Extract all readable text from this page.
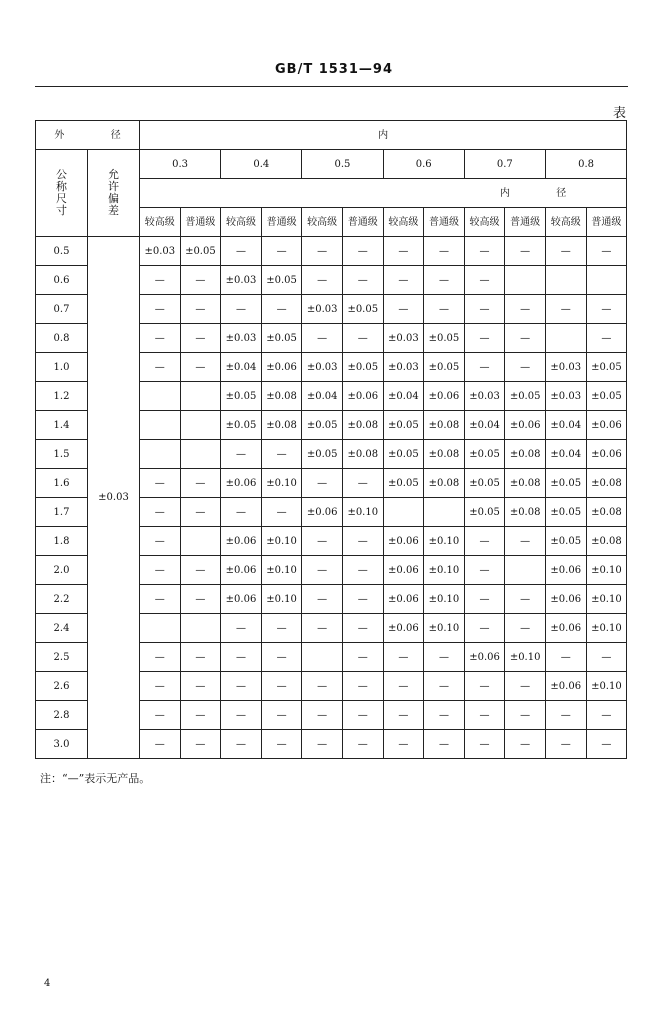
GB/T 1531—94
表
外 径		内											

公
称
尺
寸	允
许
偏
差	0.3		0.4		0.5		0.6		0.7		0.8	
		内 径											
		较高级	普通级	较高级	普通级	较高级	普通级	较高级	普通级	较高级	普通级	较高级	普通级
0.5	±0.03	±0.03	±0.05	—	—	—	—	—	—	—	—	—	—
0.6		—	—	±0.03	±0.05	—	—	—	—	—			
0.7		—	—	—	—	±0.03	±0.05	—	—	—	—	—	—
0.8		—	—	±0.03	±0.05	—	—	±0.03	±0.05	—	—		—
1.0		—	—	±0.04	±0.06	±0.03	±0.05	±0.03	±0.05	—	—	±0.03	±0.05
1.2				±0.05	±0.08	±0.04	±0.06	±0.04	±0.06	±0.03	±0.05	±0.03	±0.05
1.4				±0.05	±0.08	±0.05	±0.08	±0.05	±0.08	±0.04	±0.06	±0.04	±0.06
1.5				—	—	±0.05	±0.08	±0.05	±0.08	±0.05	±0.08	±0.04	±0.06
1.6		—	—	±0.06	±0.10	—	—	±0.05	±0.08	±0.05	±0.08	±0.05	±0.08
1.7		—	—	—	—	±0.06	±0.10			±0.05	±0.08	±0.05	±0.08
1.8		—		±0.06	±0.10	—	—	±0.06	±0.10	—	—	±0.05	±0.08
2.0		—	—	±0.06	±0.10	—	—	±0.06	±0.10	—		±0.06	±0.10
2.2		—	—	±0.06	±0.10	—	—	±0.06	±0.10	—	—	±0.06	±0.10
2.4				—	—	—	—	±0.06	±0.10	—	—	±0.06	±0.10
2.5		—	—	—	—		—	—	—	±0.06	±0.10	—	—
2.6		—	—	—	—	—	—	—	—	—	—	±0.06	±0.10
2.8		—	—	—	—	—	—	—	—	—	—	—	—
3.0		—	—	—	—	—	—	—	—	—	—	—	—
注：“—”表示无产品。
4
